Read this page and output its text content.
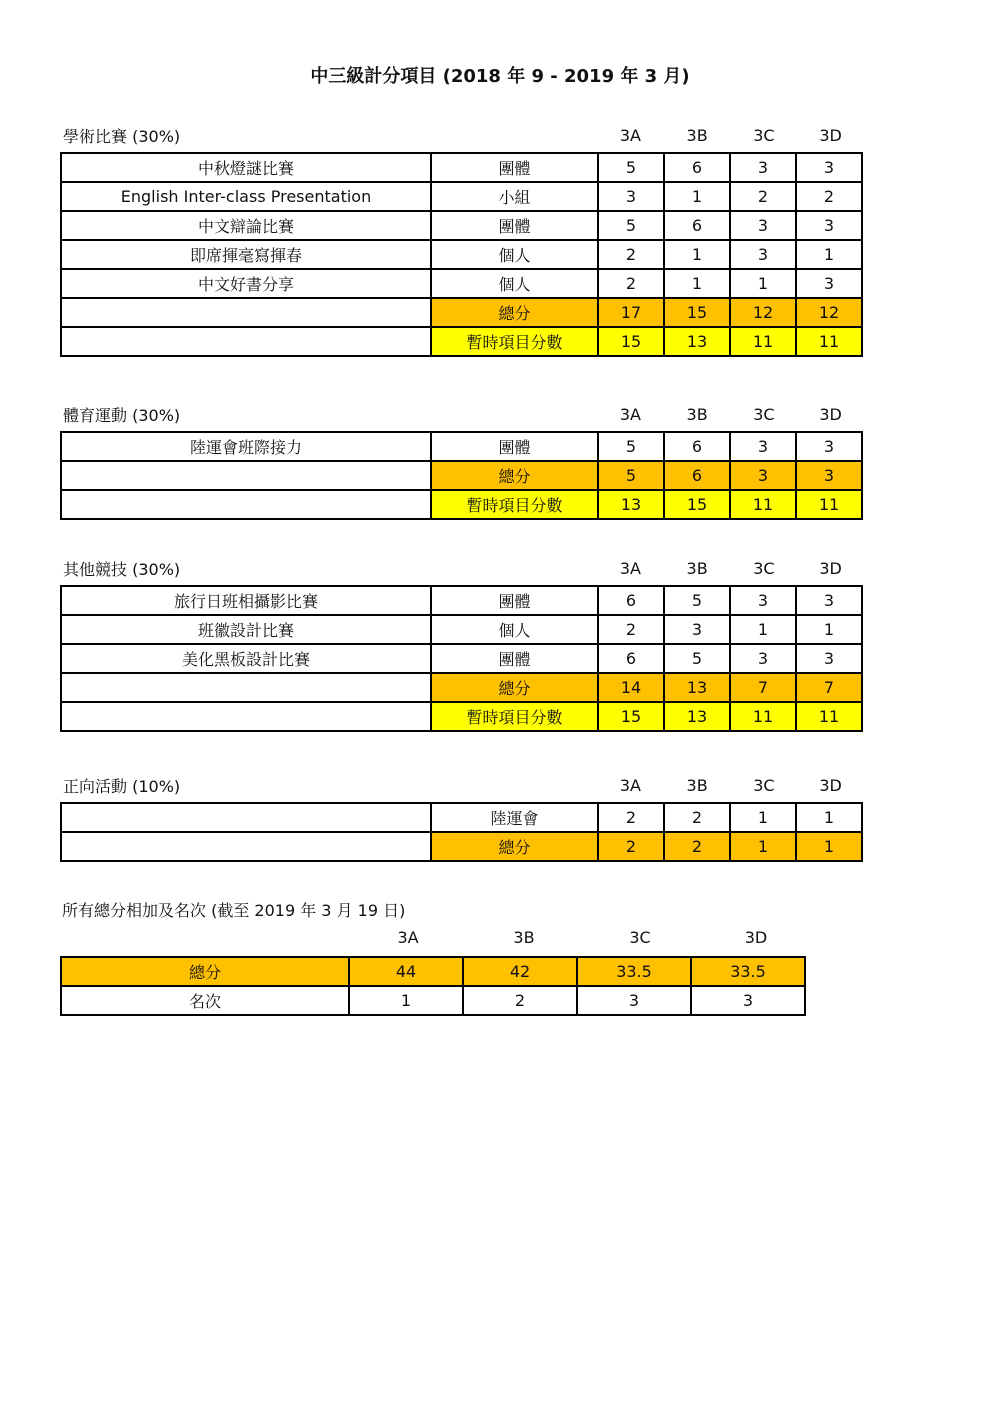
中三級計分項目 (2018 年 9 - 2019 年 3 月)
學術比賽 (30%)	3A	3B	3C	3D
中秋燈謎比賽	團體	5	6	3	3
English Inter-class Presentation	小組	3	1	2	2
中文辯論比賽	團體	5	6	3	3
即席揮毫寫揮春	個人	2	1	3	1
中文好書分享	個人	2	1	1	3
	總分	17	15	12	12
	暫時項目分數	15	13	11	11
體育運動 (30%)	3A	3B	3C	3D
陸運會班際接力	團體	5	6	3	3
	總分	5	6	3	3
	暫時項目分數	13	15	11	11
其他競技 (30%)	3A	3B	3C	3D
旅行日班相攝影比賽	團體	6	5	3	3
班徽設計比賽	個人	2	3	1	1
美化黑板設計比賽	團體	6	5	3	3
	總分	14	13	7	7
	暫時項目分數	15	13	11	11
正向活動 (10%)	3A	3B	3C	3D
	陸運會	2	2	1	1
	總分	2	2	1	1
所有總分相加及名次 (截至 2019 年 3 月 19 日)
3A	3B	3C	3D
總分	44	42	33.5	33.5
名次	1	2	3	3
